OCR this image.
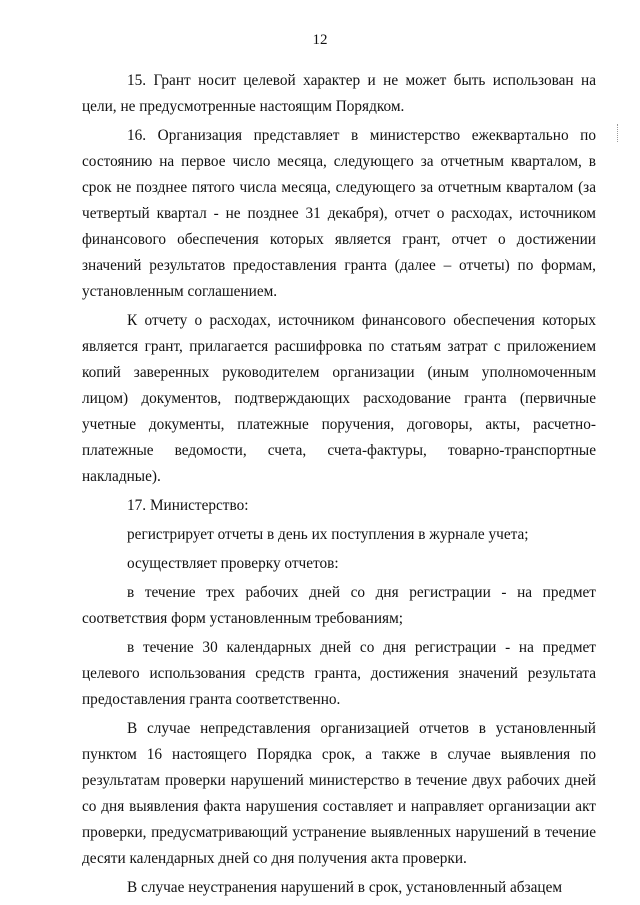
12

15. Грант носит целевой характер и не может быть использован на цели, не предусмотренные настоящим Порядком.

16. Организация представляет в министерство ежеквартально по состоянию на первое число месяца, следующего за отчетным кварталом, в срок не позднее пятого числа месяца, следующего за отчетным кварталом (за четвертый квартал - не позднее 31 декабря), отчет о расходах, источником финансового обеспечения которых является грант, отчет о достижении значений результатов предоставления гранта (далее – отчеты) по формам, установленным соглашением.

К отчету о расходах, источником финансового обеспечения которых является грант, прилагается расшифровка по статьям затрат с приложением копий заверенных руководителем организации (иным уполномоченным лицом) документов, подтверждающих расходование гранта (первичные учетные документы, платежные поручения, договоры, акты, расчетно-платежные ведомости, счета, счета-фактуры, товарно-транспортные накладные).

17. Министерство:

регистрирует отчеты в день их поступления в журнале учета;

осуществляет проверку отчетов:

в течение трех рабочих дней со дня регистрации - на предмет соответствия форм установленным требованиям;

в течение 30 календарных дней со дня регистрации - на предмет целевого использования средств гранта, достижения значений результата предоставления гранта соответственно.

В случае непредставления организацией отчетов в установленный пунктом 16 настоящего Порядка срок, а также в случае выявления по результатам проверки нарушений министерство в течение двух рабочих дней со дня выявления факта нарушения составляет и направляет организации акт проверки, предусматривающий устранение выявленных нарушений в течение десяти календарных дней со дня получения акта проверки.

В случае неустранения нарушений в срок, установленный абзацем
